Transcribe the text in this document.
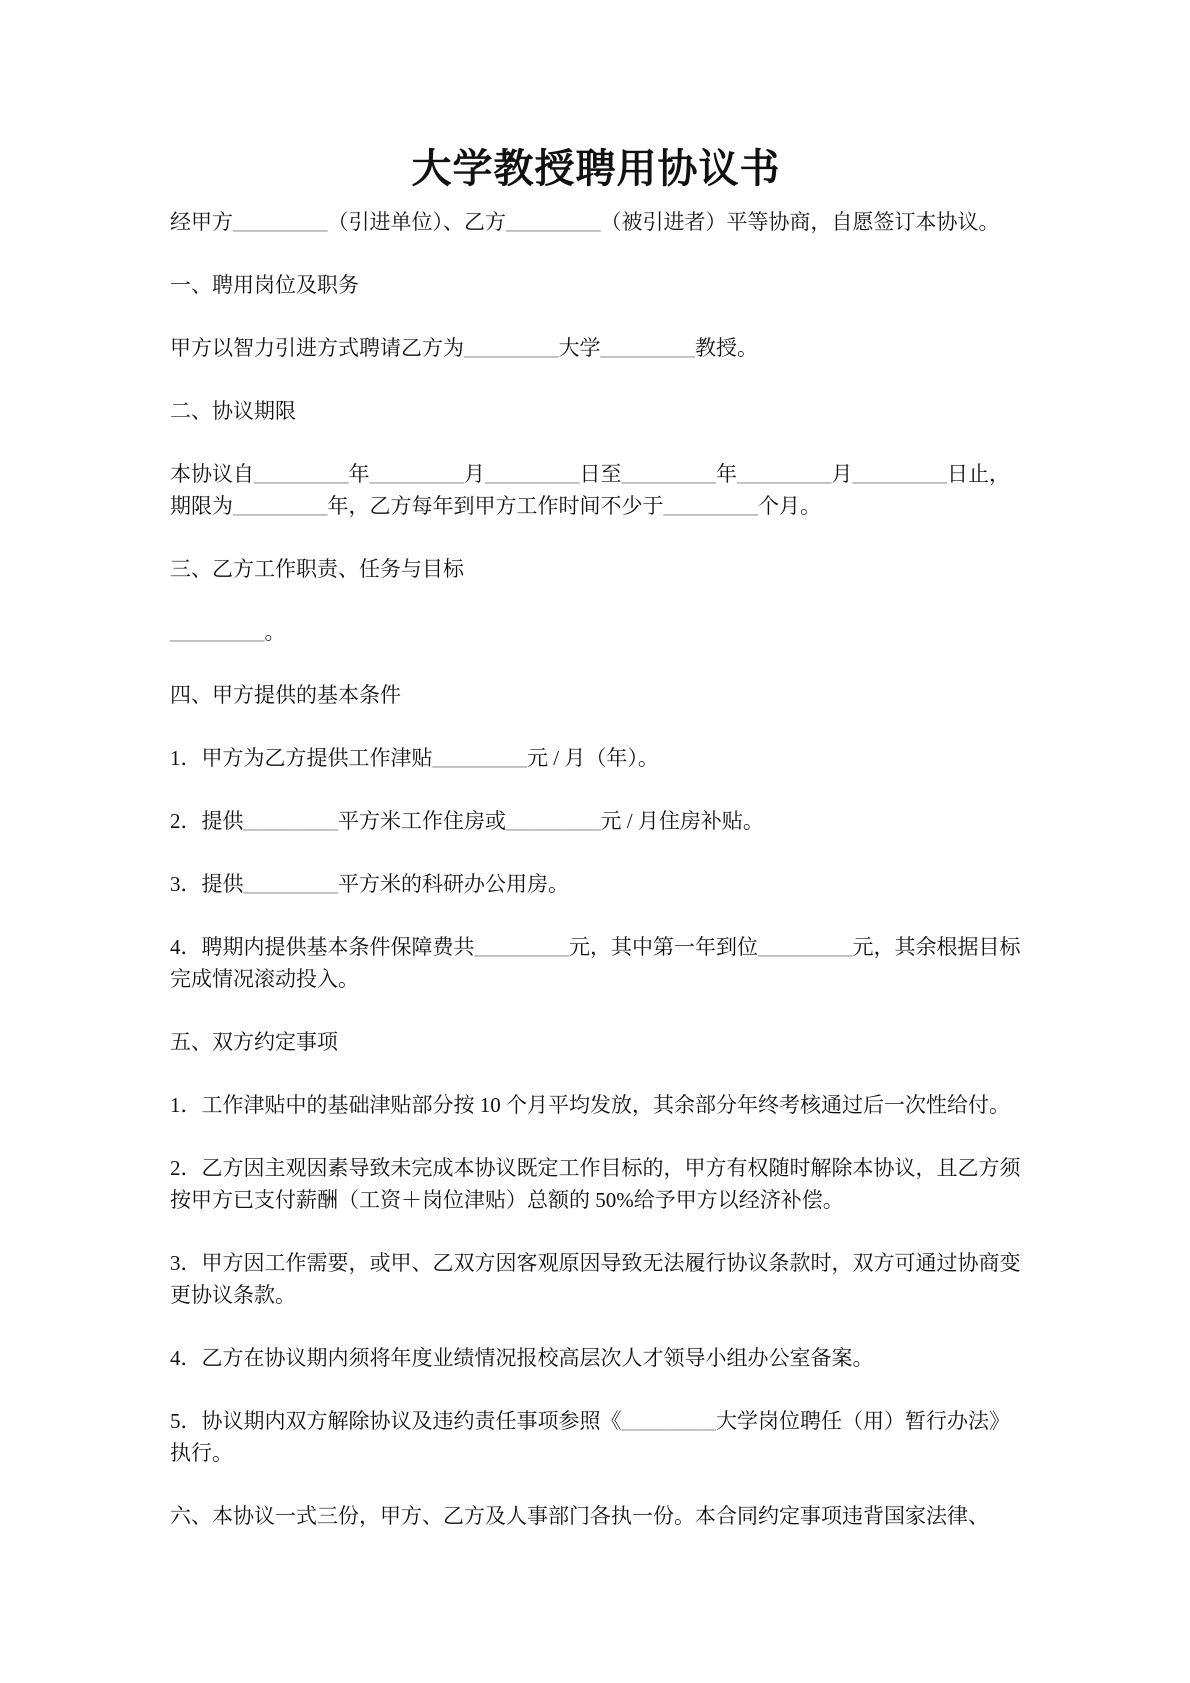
大学教授聘用协议书

经甲方_________（引进单位）、乙方_________（被引进者）平等协商，自愿签订本协议。

一、聘用岗位及职务

甲方以智力引进方式聘请乙方为_________大学_________教授。

二、协议期限

本协议自_________年_________月_________日至_________年_________月_________日止，期限为_________年，乙方每年到甲方工作时间不少于_________个月。

三、乙方工作职责、任务与目标

_________。

四、甲方提供的基本条件

1．甲方为乙方提供工作津贴_________元 / 月（年）。

2．提供_________平方米工作住房或_________元 / 月住房补贴。

3．提供_________平方米的科研办公用房。

4．聘期内提供基本条件保障费共_________元，其中第一年到位_________元，其余根据目标完成情况滚动投入。

五、双方约定事项

1．工作津贴中的基础津贴部分按 10 个月平均发放，其余部分年终考核通过后一次性给付。

2．乙方因主观因素导致未完成本协议既定工作目标的，甲方有权随时解除本协议，且乙方须按甲方已支付薪酬（工资＋岗位津贴）总额的 50%给予甲方以经济补偿。

3．甲方因工作需要，或甲、乙双方因客观原因导致无法履行协议条款时，双方可通过协商变更协议条款。

4．乙方在协议期内须将年度业绩情况报校高层次人才领导小组办公室备案。

5．协议期内双方解除协议及违约责任事项参照《_________大学岗位聘任（用）暂行办法》执行。

六、本协议一式三份，甲方、乙方及人事部门各执一份。本合同约定事项违背国家法律、
